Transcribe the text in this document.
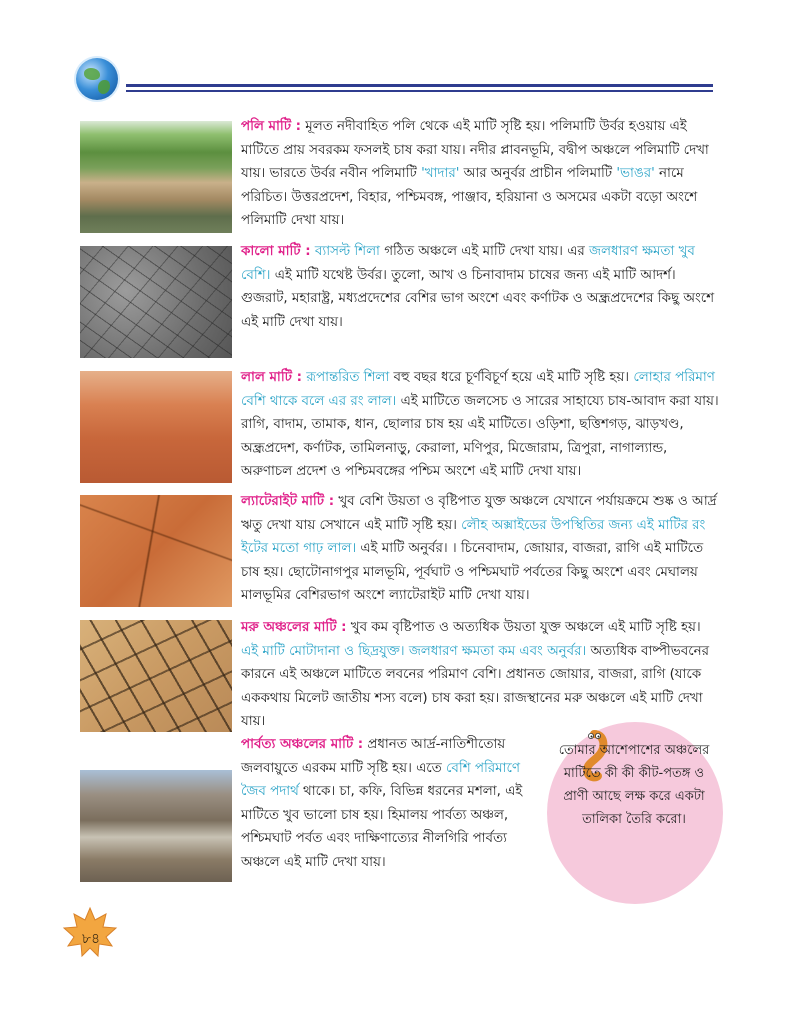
পলি মাটি : মূলত নদীবাহিত পলি থেকে এই মাটি সৃষ্টি হয়। পলিমাটি উর্বর হওয়ায় এই মাটিতে প্রায় সবরকম ফসলই চাষ করা যায়। নদীর প্লাবনভূমি, বদ্বীপ অঞ্চলে পলিমাটি দেখা যায়। ভারতে উর্বর নবীন পলিমাটি 'খাদার' আর অনুর্বর প্রাচীন পলিমাটি 'ভাঙর' নামে পরিচিত। উত্তরপ্রদেশ, বিহার, পশ্চিমবঙ্গ, পাঞ্জাব, হরিয়ানা ও অসমের একটা বড়ো অংশে পলিমাটি দেখা যায়।

কালো মাটি : ব্যাসল্ট শিলা গঠিত অঞ্চলে এই মাটি দেখা যায়। এর জলধারণ ক্ষমতা খুব বেশি। এই মাটি যথেষ্ট উর্বর। তুলো, আখ ও চিনাবাদাম চাষের জন্য এই মাটি আদর্শ। গুজরাট, মহারাষ্ট্র, মধ্যপ্রদেশের বেশির ভাগ অংশে এবং কর্ণাটক ও অন্ধ্রপ্রদেশের কিছু অংশে এই মাটি দেখা যায়।

লাল মাটি : রূপান্তরিত শিলা বহু বছর ধরে চূর্ণবিচূর্ণ হয়ে এই মাটি সৃষ্টি হয়। লোহার পরিমাণ বেশি থাকে বলে এর রং লাল। এই মাটিতে জলসেচ ও সারের সাহায্যে চাষ-আবাদ করা যায়। রাগি, বাদাম, তামাক, ধান, ছোলার চাষ হয় এই মাটিতে। ওড়িশা, ছত্তিশগড়, ঝাড়খণ্ড, অন্ধ্রপ্রদেশ, কর্ণাটক, তামিলনাড়ু, কেরালা, মণিপুর, মিজোরাম, ত্রিপুরা, নাগাল্যান্ড, অরুণাচল প্রদেশ ও পশ্চিমবঙ্গের পশ্চিম অংশে এই মাটি দেখা যায়।

ল্যাটেরাইট মাটি : খুব বেশি উয়তা ও বৃষ্টিপাত যুক্ত অঞ্চলে যেখানে পর্যায়ক্রমে শুষ্ক ও আর্দ্র ঋতু দেখা যায় সেখানে এই মাটি সৃষ্টি হয়। লৌহ অক্সাইডের উপস্থিতির জন্য এই মাটির রং ইটের মতো গাঢ় লাল। এই মাটি অনুর্বর। । চিনেবাদাম, জোয়ার, বাজরা, রাগি এই মাটিতে চাষ হয়। ছোটোনাগপুর মালভূমি, পূর্বঘাট ও পশ্চিমঘাট পর্বতের কিছু অংশে এবং মেঘালয় মালভূমির বেশিরভাগ অংশে ল্যাটেরাইট মাটি দেখা যায়।

মরু অঞ্চলের মাটি : খুব কম বৃষ্টিপাত ও অত্যধিক উয়তা যুক্ত অঞ্চলে এই মাটি সৃষ্টি হয়। এই মাটি মোটাদানা ও ছিদ্রযুক্ত। জলধারণ ক্ষমতা কম এবং অনুর্বর। অত্যধিক বাষ্পীভবনের কারনে এই অঞ্চলে মাটিতে লবনের পরিমাণ বেশি। প্রধানত জোয়ার, বাজরা, রাগি (যাকে এককথায় মিলেট জাতীয় শস্য বলে) চাষ করা হয়। রাজস্থানের মরু অঞ্চলে এই মাটি দেখা যায়।

পার্বত্য অঞ্চলের মাটি : প্রধানত আর্দ্র-নাতিশীতোয় জলবায়ুতে এরকম মাটি সৃষ্টি হয়। এতে বেশি পরিমাণে জৈব পদার্থ থাকে। চা, কফি, বিভিন্ন ধরনের মশলা, এই মাটিতে খুব ভালো চাষ হয়। হিমালয় পার্বত্য অঞ্চল, পশ্চিমঘাট পর্বত এবং দাক্ষিণাত্যের নীলগিরি পার্বত্য অঞ্চলে এই মাটি দেখা যায়।

তোমার আশেপাশের অঞ্চলের মাটিতে কী কী কীট-পতঙ্গ ও প্রাণী আছে লক্ষ করে একটা তালিকা তৈরি করো।
৮৪
